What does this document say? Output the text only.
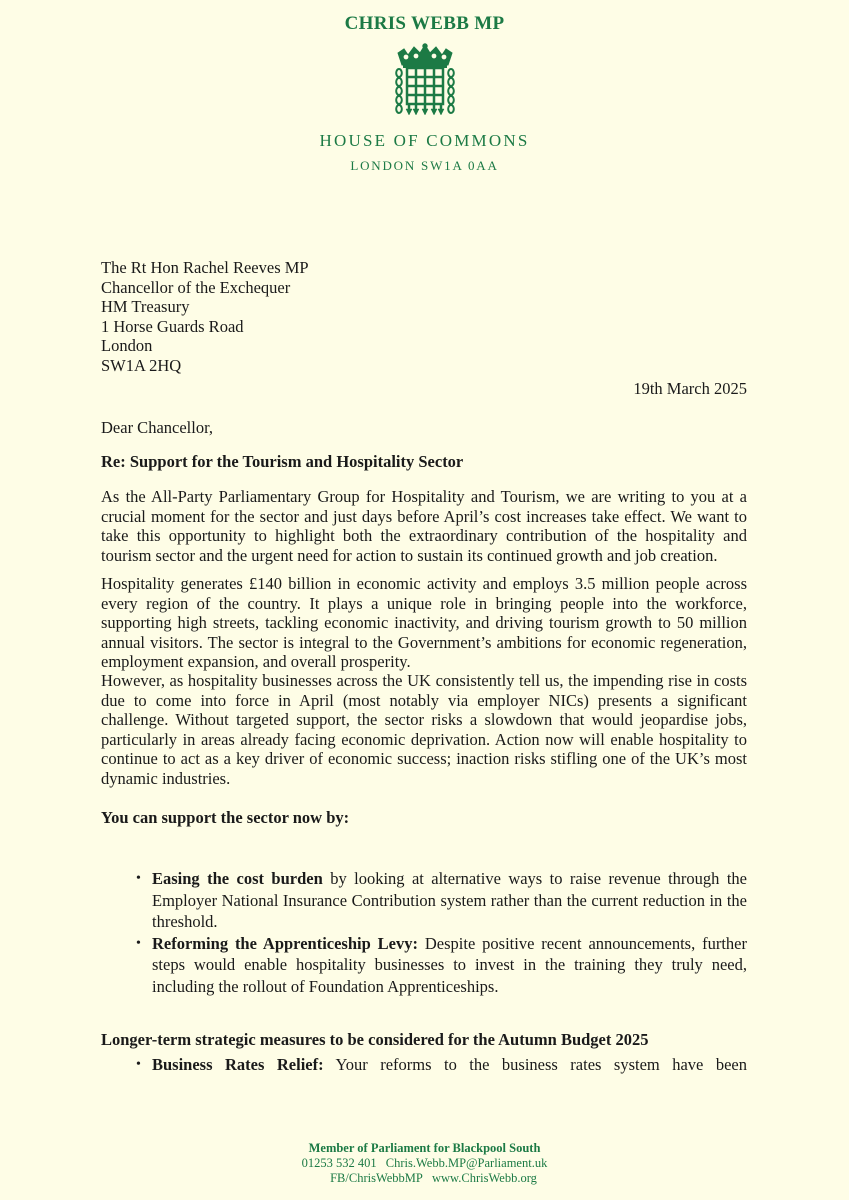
CHRIS WEBB MP
HOUSE OF COMMONS
LONDON SW1A 0AA
The Rt Hon Rachel Reeves MP
Chancellor of the Exchequer
HM Treasury
1 Horse Guards Road
London
SW1A 2HQ
19th March 2025
Dear Chancellor,
Re: Support for the Tourism and Hospitality Sector
As the All-Party Parliamentary Group for Hospitality and Tourism, we are writing to you at a crucial moment for the sector and just days before April’s cost increases take effect. We want to take this opportunity to highlight both the extraordinary contribution of the hospitality and tourism sector and the urgent need for action to sustain its continued growth and job creation.
Hospitality generates £140 billion in economic activity and employs 3.5 million people across every region of the country. It plays a unique role in bringing people into the workforce, supporting high streets, tackling economic inactivity, and driving tourism growth to 50 million annual visitors. The sector is integral to the Government’s ambitions for economic regeneration, employment expansion, and overall prosperity.
However, as hospitality businesses across the UK consistently tell us, the impending rise in costs due to come into force in April (most notably via employer NICs) presents a significant challenge. Without targeted support, the sector risks a slowdown that would jeopardise jobs, particularly in areas already facing economic deprivation. Action now will enable hospitality to continue to act as a key driver of economic success; inaction risks stifling one of the UK’s most dynamic industries.
You can support the sector now by:
• Easing the cost burden by looking at alternative ways to raise revenue through the Employer National Insurance Contribution system rather than the current reduction in the threshold.
• Reforming the Apprenticeship Levy: Despite positive recent announcements, further steps would enable hospitality businesses to invest in the training they truly need, including the rollout of Foundation Apprenticeships.
Longer-term strategic measures to be considered for the Autumn Budget 2025
• Business Rates Relief: Your reforms to the business rates system have been
Member of Parliament for Blackpool South
01253 532 401 Chris.Webb.MP@Parliament.uk
FB/ChrisWebbMP www.ChrisWebb.org
